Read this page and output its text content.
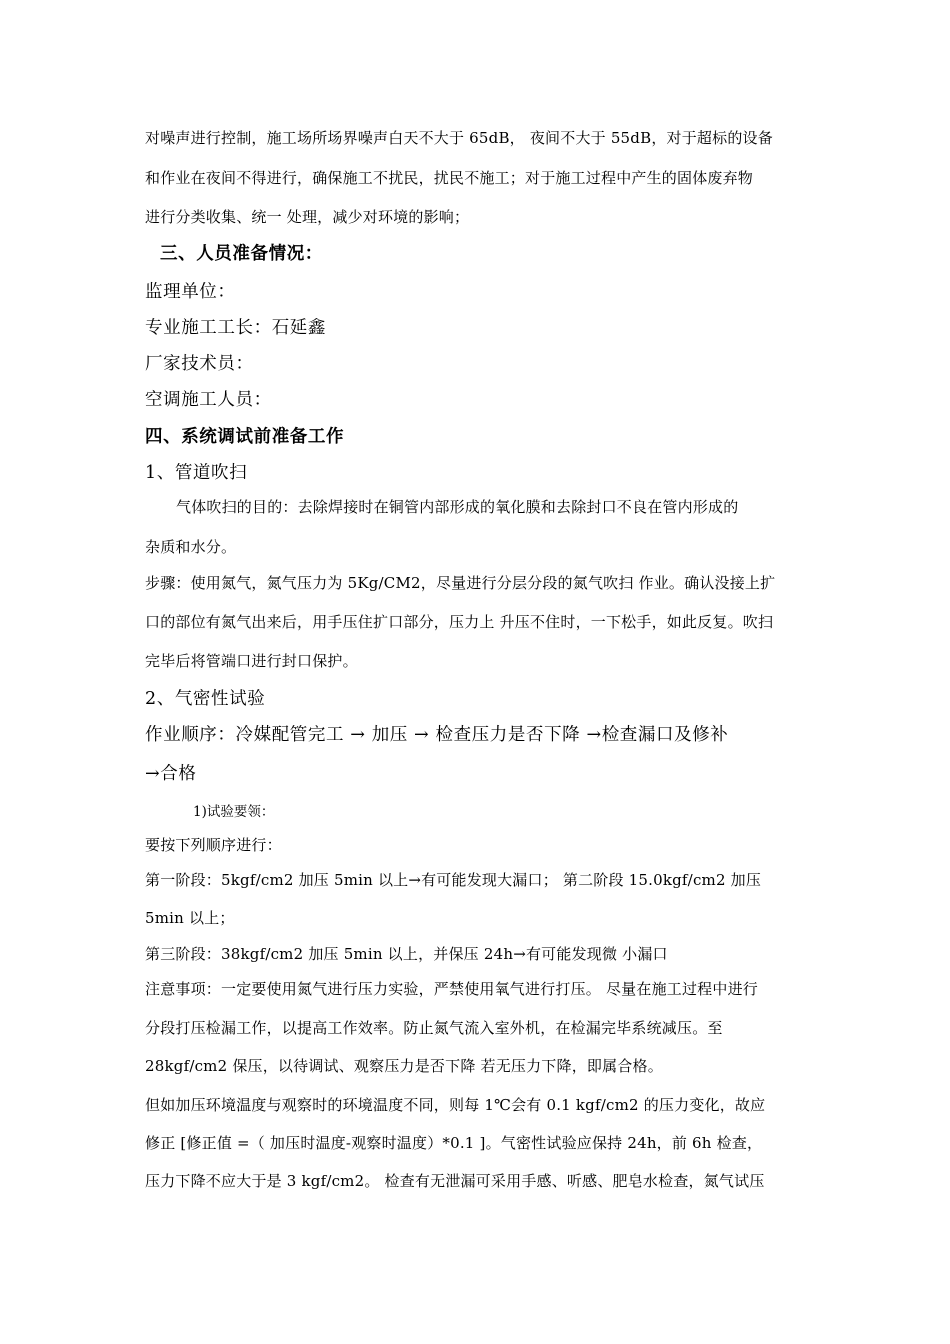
对噪声进行控制，施工场所场界噪声白天不大于 65dB， 夜间不大于 55dB，对于超标的设备
和作业在夜间不得进行，确保施工不扰民，扰民不施工；对于施工过程中产生的固体废弃物
进行分类收集、统一 处理，减少对环境的影响；
三、人员准备情况：
监理单位：
专业施工工长：石延鑫
厂家技术员：
空调施工人员：
四、系统调试前准备工作
1、管道吹扫
气体吹扫的目的：去除焊接时在铜管内部形成的氧化膜和去除封口不良在管内形成的
杂质和水分。
步骤：使用氮气，氮气压力为 5Kg/CM2，尽量进行分层分段的氮气吹扫 作业。确认没接上扩
口的部位有氮气出来后，用手压住扩口部分，压力上 升压不住时，一下松手，如此反复。吹扫
完毕后将管端口进行封口保护。
2、气密性试验
作业顺序：冷媒配管完工 → 加压 → 检查压力是否下降 →检查漏口及修补
→合格
1)试验要领：
要按下列顺序进行：
第一阶段：5kgf/cm2 加压 5min 以上→有可能发现大漏口； 第二阶段 15.0kgf/cm2 加压
5min 以上；
第三阶段：38kgf/cm2 加压 5min 以上，并保压 24h→有可能发现微 小漏口
注意事项：一定要使用氮气进行压力实验，严禁使用氧气进行打压。 尽量在施工过程中进行
分段打压检漏工作，以提高工作效率。防止氮气流入室外机，在检漏完毕系统减压。至
28kgf/cm2 保压，以待调试、观察压力是否下降 若无压力下降，即属合格。
但如加压环境温度与观察时的环境温度不同，则每 1℃会有 0.1 kgf/cm2 的压力变化，故应
修正 [修正值 =（ 加压时温度-观察时温度）*0.1 ]。气密性试验应保持 24h，前 6h 检查，
压力下降不应大于是 3 kgf/cm2。 检查有无泄漏可采用手感、听感、肥皂水检查，氮气试压
